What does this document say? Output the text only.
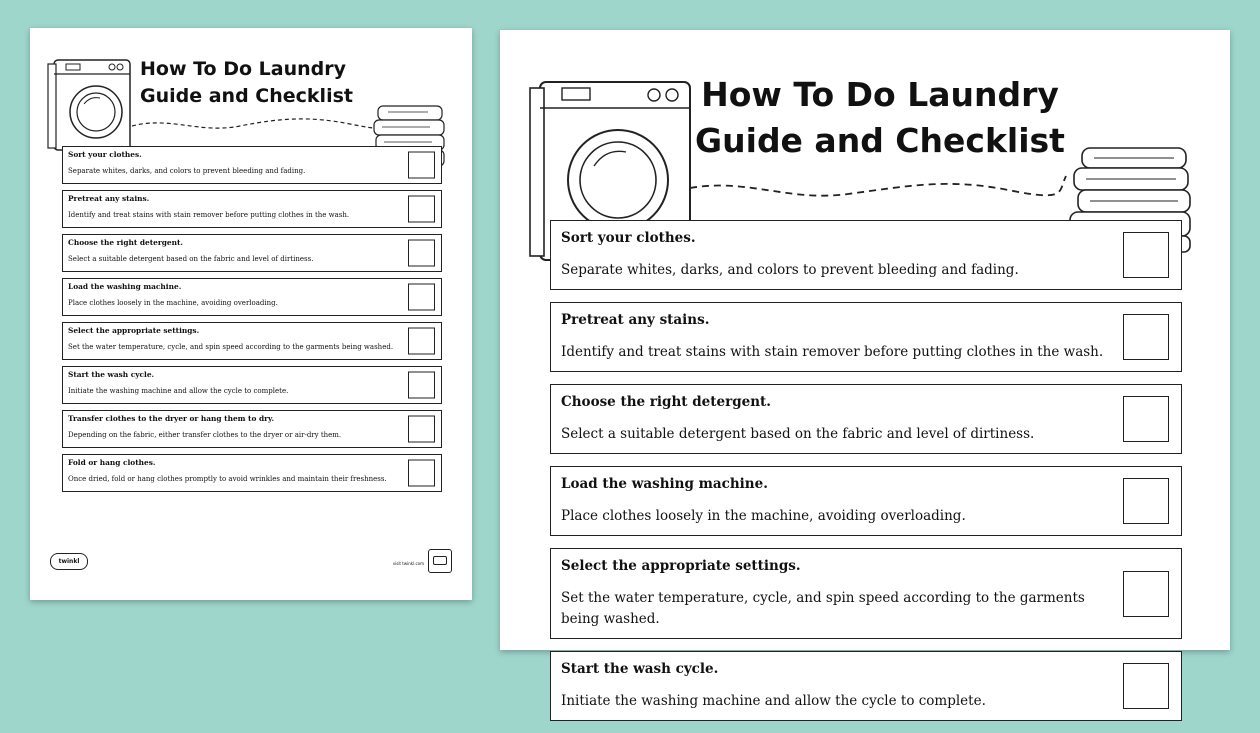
How To Do Laundry
Guide and Checklist
Sort your clothes.
Separate whites, darks, and colors to prevent bleeding and fading.
Pretreat any stains.
Identify and treat stains with stain remover before putting clothes in the wash.
Choose the right detergent.
Select a suitable detergent based on the fabric and level of dirtiness.
Load the washing machine.
Place clothes loosely in the machine, avoiding overloading.
Select the appropriate settings.
Set the water temperature, cycle, and spin speed according to the garments being washed.
Start the wash cycle.
Initiate the washing machine and allow the cycle to complete.
Transfer clothes to the dryer or hang them to dry.
Depending on the fabric, either transfer clothes to the dryer or air-dry them.
Fold or hang clothes.
Once dried, fold or hang clothes promptly to avoid wrinkles and maintain their freshness.
twinkl	visit twinkl.com
How To Do Laundry
Guide and Checklist
Sort your clothes.
Separate whites, darks, and colors to prevent bleeding and fading.
Pretreat any stains.
Identify and treat stains with stain remover before putting clothes in the wash.
Choose the right detergent.
Select a suitable detergent based on the fabric and level of dirtiness.
Load the washing machine.
Place clothes loosely in the machine, avoiding overloading.
Select the appropriate settings.
Set the water temperature, cycle, and spin speed according to the garments being washed.
Start the wash cycle.
Initiate the washing machine and allow the cycle to complete.
